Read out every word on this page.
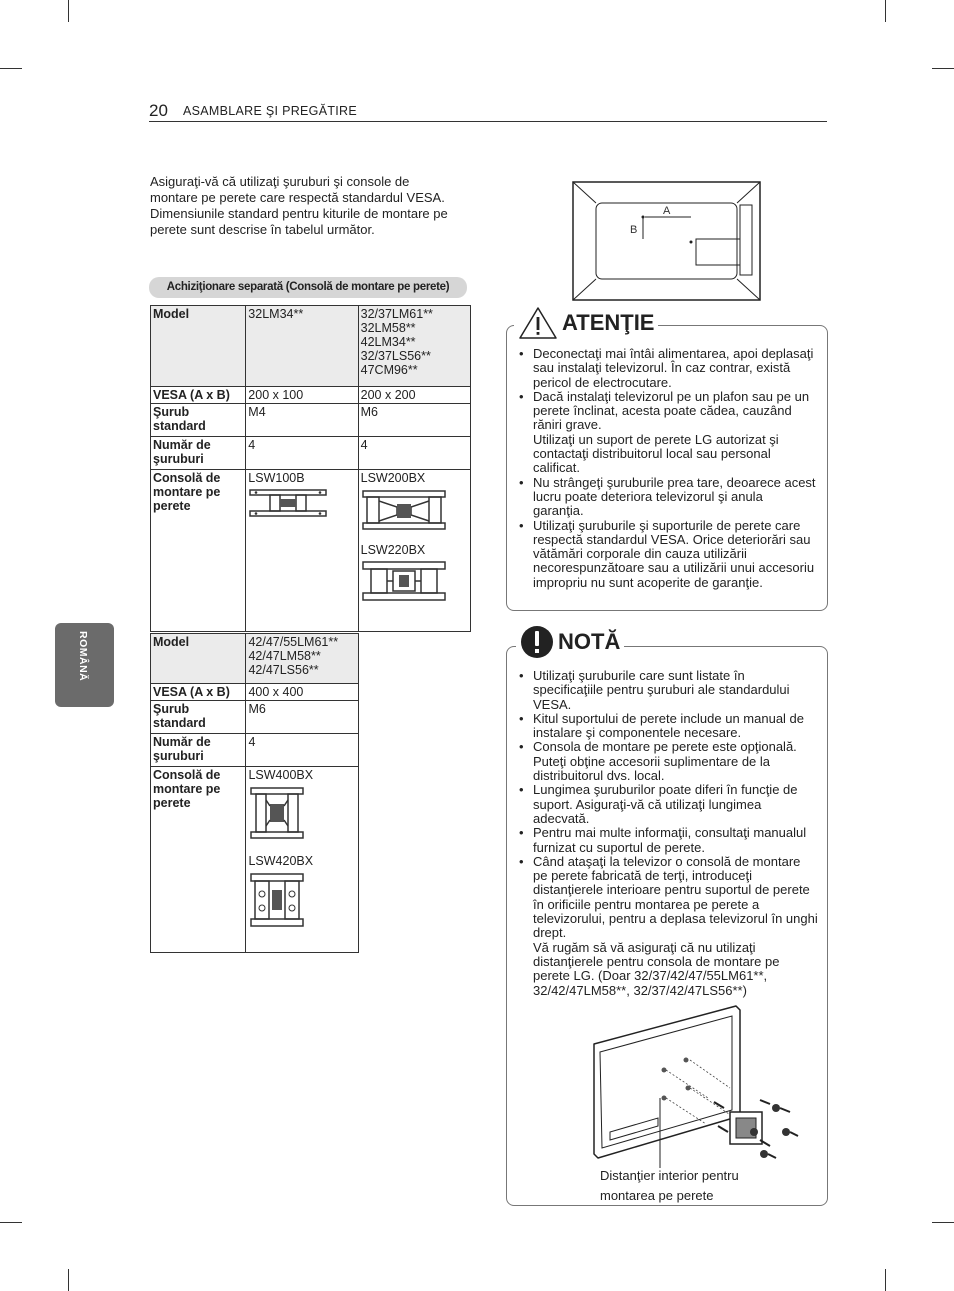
20 ASAMBLARE ŞI PREGĂTIRE
ROMÂNĂ
Asiguraţi-vă că utilizaţi şuruburi şi console de montare pe perete care respectă standardul VESA. Dimensiunile standard pentru kiturile de montare pe perete sunt descrise în tabelul următor.
Achiziţionare separată (Consolă de montare pe perete)
Model	32LM34**	32/37LM61**
32LM58**
42LM34**
32/37LS56**
47CM96**

VESA (A x B)	200 x 100	200 x 200
Şurub standard	M4	M6
Număr de şuruburi	4	4
Consolă de montare pe perete	LSW100B	LSW200BX
LSW220BX
Model	42/47/55LM61**
42/47LM58**
42/47LS56**

VESA (A x B)	400 x 400
Şurub standard	M6
Număr de şuruburi	4
Consolă de montare pe perete	LSW400BX
LSW420BX
A
B
ATENŢIE
• Deconectaţi mai întâi alimentarea, apoi deplasaţi sau instalaţi televizorul. În caz contrar, există pericol de electrocutare.
• Dacă instalaţi televizorul pe un plafon sau pe un perete înclinat, acesta poate cădea, cauzând răniri grave.
Utilizaţi un suport de perete LG autorizat şi contactaţi distribuitorul local sau personal calificat.
• Nu strângeţi şuruburile prea tare, deoarece acest lucru poate deteriora televizorul şi anula garanţia.
• Utilizaţi şuruburile şi suporturile de perete care respectă standardul VESA. Orice deteriorări sau vătămări corporale din cauza utilizării necorespunzătoare sau a utilizării unui accesoriu impropriu nu sunt acoperite de garanţie.
NOTĂ
• Utilizaţi şuruburile care sunt listate în specificaţiile pentru şuruburi ale standardului VESA.
• Kitul suportului de perete include un manual de instalare şi componentele necesare.
• Consola de montare pe perete este opţională. Puteţi obţine accesorii suplimentare de la distribuitorul dvs. local.
• Lungimea şuruburilor poate diferi în funcţie de suport. Asiguraţi-vă că utilizaţi lungimea adecvată.
• Pentru mai multe informaţii, consultaţi manualul furnizat cu suportul de perete.
• Când ataşaţi la televizor o consolă de montare pe perete fabricată de terţi, introduceţi distanţierele interioare pentru suportul de perete în orificiile pentru montarea pe perete a televizorului, pentru a deplasa televizorul în unghi drept.
Vă rugăm să vă asiguraţi că nu utilizaţi distanţierele pentru consola de montare pe perete LG. (Doar 32/37/42/47/55LM61**, 32/42/47LM58**, 32/37/42/47LS56**)
Distanţier interior pentru
montarea pe perete
